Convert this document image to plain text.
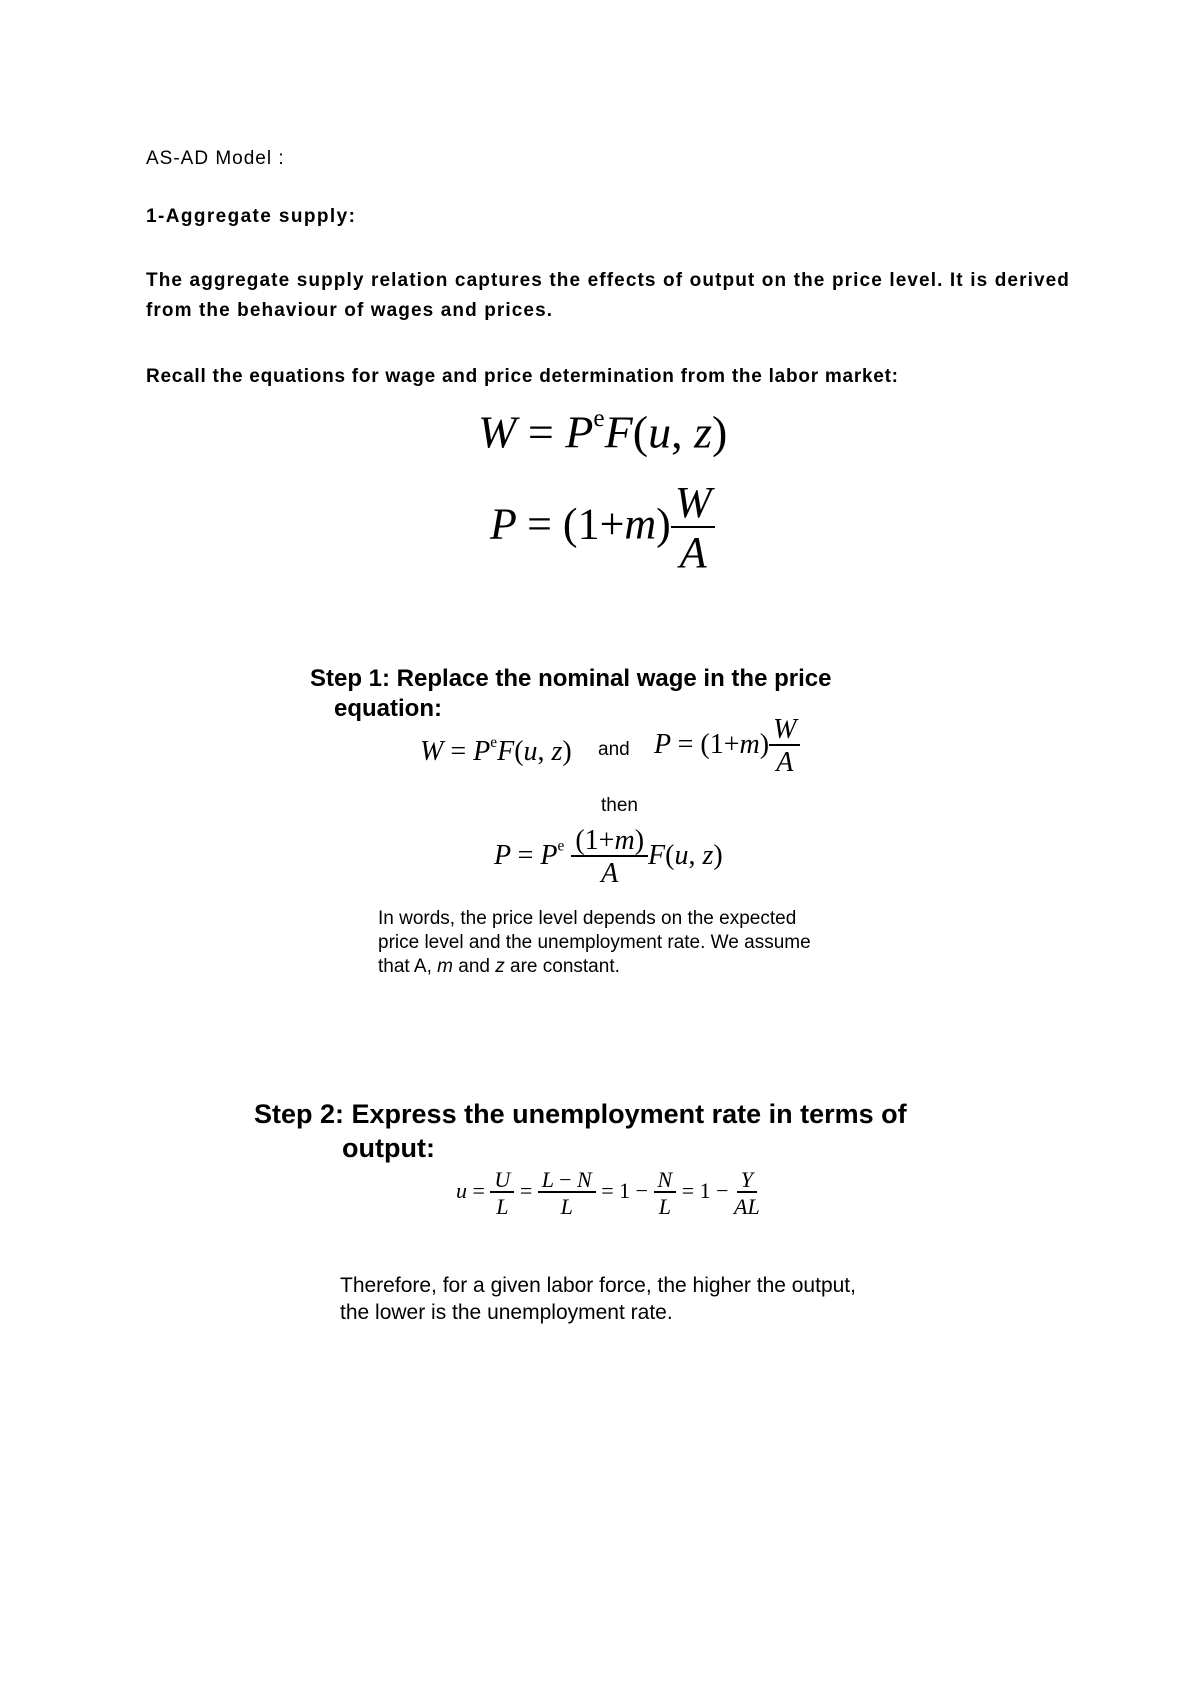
AS-AD Model :
1-Aggregate supply:
The aggregate supply relation captures the effects of output on the price level. It is derived from the behaviour of wages and prices.
Recall the equations for wage and price determination from the labor market:
$W = P^eF(u$, z)
$P = (1+m) \frac{W}{A}$
Step 1: Replace the nominal wage in the price
equation:
$W = P^eF(u$, z) and $P = (1+m) \frac{W}{A}$
then
$P = P^e \frac{(1+m)}{A} F(u$, z)
In words, the price level depends on the expected
price level and the unemployment rate. We assume
that A, m and z are constant.
Step 2: Express the unemployment rate in terms of
output:
$u = \frac{U}{L} = \frac{L - N}{L} = 1 - \frac{N}{L} = 1 - \frac{Y}{AL}$
Therefore, for a given labor force, the higher the output,
the lower is the unemployment rate.
